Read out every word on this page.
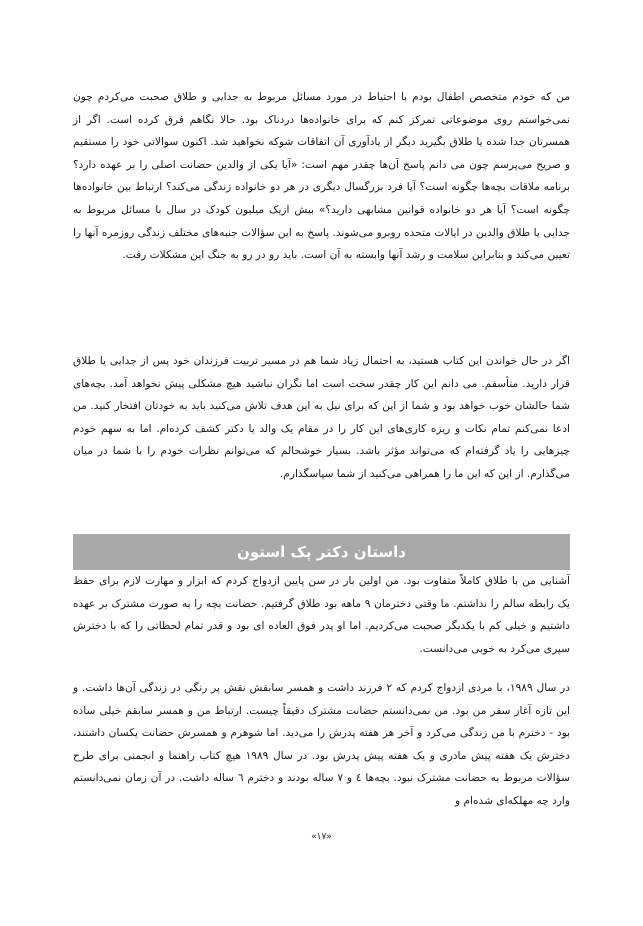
من که خودم متخصص اطفال بودم با احتیاط در مورد مسائل مربوط به جدایی و طلاق صحبت می‌کردم چون نمی‌خواستم روی موضوعاتی تمرکز کنم که برای خانواده‌ها دردناک بود. حالا نگاهم فرق کرده است. اگر از همسرتان جدا شده یا طلاق بگیرید دیگر از یادآوری آن اتفاقات شوکه نخواهید شد. اکنون سوالاتی خود را مستقیم و صریح می‌پرسم چون می دانم پاسخ آن‌ها چقدر مهم است: «آیا یکی از والدین حضانت اصلی را بر عهده دارد؟ برنامه ملاقات بچه‌ها چگونه است؟ آیا فرد بزرگسال دیگری در هر دو خانواده زندگی می‌کند؟ ارتباط بین خانواده‌ها چگونه است؟ آیا هر دو خانواده قوانین مشابهی دارید؟» بیش ازیک میلیون کودک در سال با مسائل مربوط به جدایی یا طلاق والدین در ایالات متحده روبرو می‌شوند. پاسخ به این سؤالات جنبه‌های مختلف زندگی روزمره آنها را تعیین می‌کند و بنابراین سلامت و رشد آنها وابسته به آن است. باید رو در رو به جنگ این مشکلات رفت.

اگر در حال خواندن این کتاب هستید، به احتمال زیاد شما هم در مسیر تربیت فرزندان خود پس از جدایی یا طلاق قرار دارید. متأسفم. می دانم این کار چقدر سخت است اما نگران نباشید هیچ مشکلی پیش نخواهد آمد. بچه‌های شما حالشان خوب خواهد بود و شما از این که برای نیل به این هدف تلاش می‌کنید باید به خودتان افتخار کنید. من ادعا نمی‌کنم تمام نکات و ریزه کاری‌های این کار را در مقام یک والد یا دکتر کشف کرده‌ام. اما به سهم خودم چیزهایی را یاد گرفته‌ام که می‌تواند مؤثر باشد. بسیار خوشحالم که می‌توانم نظرات خودم را با شما در میان می‌گذارم. از این که این ما را همراهی می‌کنید از شما سپاسگذارم.

داستان دکتر پک استون

آشنایی من با طلاق کاملاً متفاوت بود. من اولین بار در سن پایین ازدواج کردم که ابزار و مهارت لازم برای حفظ یک رابطه سالم را نداشتم. ما وقتی دخترمان ۹ ماهه بود طلاق گرفتیم. حضانت بچه را به صورت مشترک بر عهده داشتیم و خیلی کم با یکدیگر صحبت می‌کردیم. اما او پدر فوق العاده ای بود و قدر تمام لحظاتی را که با دخترش سپری می‌کرد به خوبی می‌دانست.

در سال ۱۹۸۹، با مردی ازدواج کردم که ۲ فرزند داشت و همسر سابقش نقش پر رنگی در زندگی آن‌ها داشت. و این تازه آغاز سفر من بود. من نمی‌دانستم حضانت مشترک دقیقاً چیست. ارتباط من و همسر سابقم خیلی ساده بود - دخترم با من زندگی می‌کرد و آخر هر هفته پدرش را می‌دید. اما شوهرم و همسرش حضانت یکسان داشتند، دخترش یک هفته پیش مادری و یک هفته پیش پدرش بود. در سال ۱۹۸۹ هیچ کتاب راهنما و انجمنی برای طرح سؤالات مربوط به حضانت مشترک نبود. بچه‌ها ٤ و ۷ ساله بودند و دخترم ٦ ساله داشت. در آن زمان نمی‌دانستم وارد چه مهلکه‌ای شده‌ام و

«۱۷»
